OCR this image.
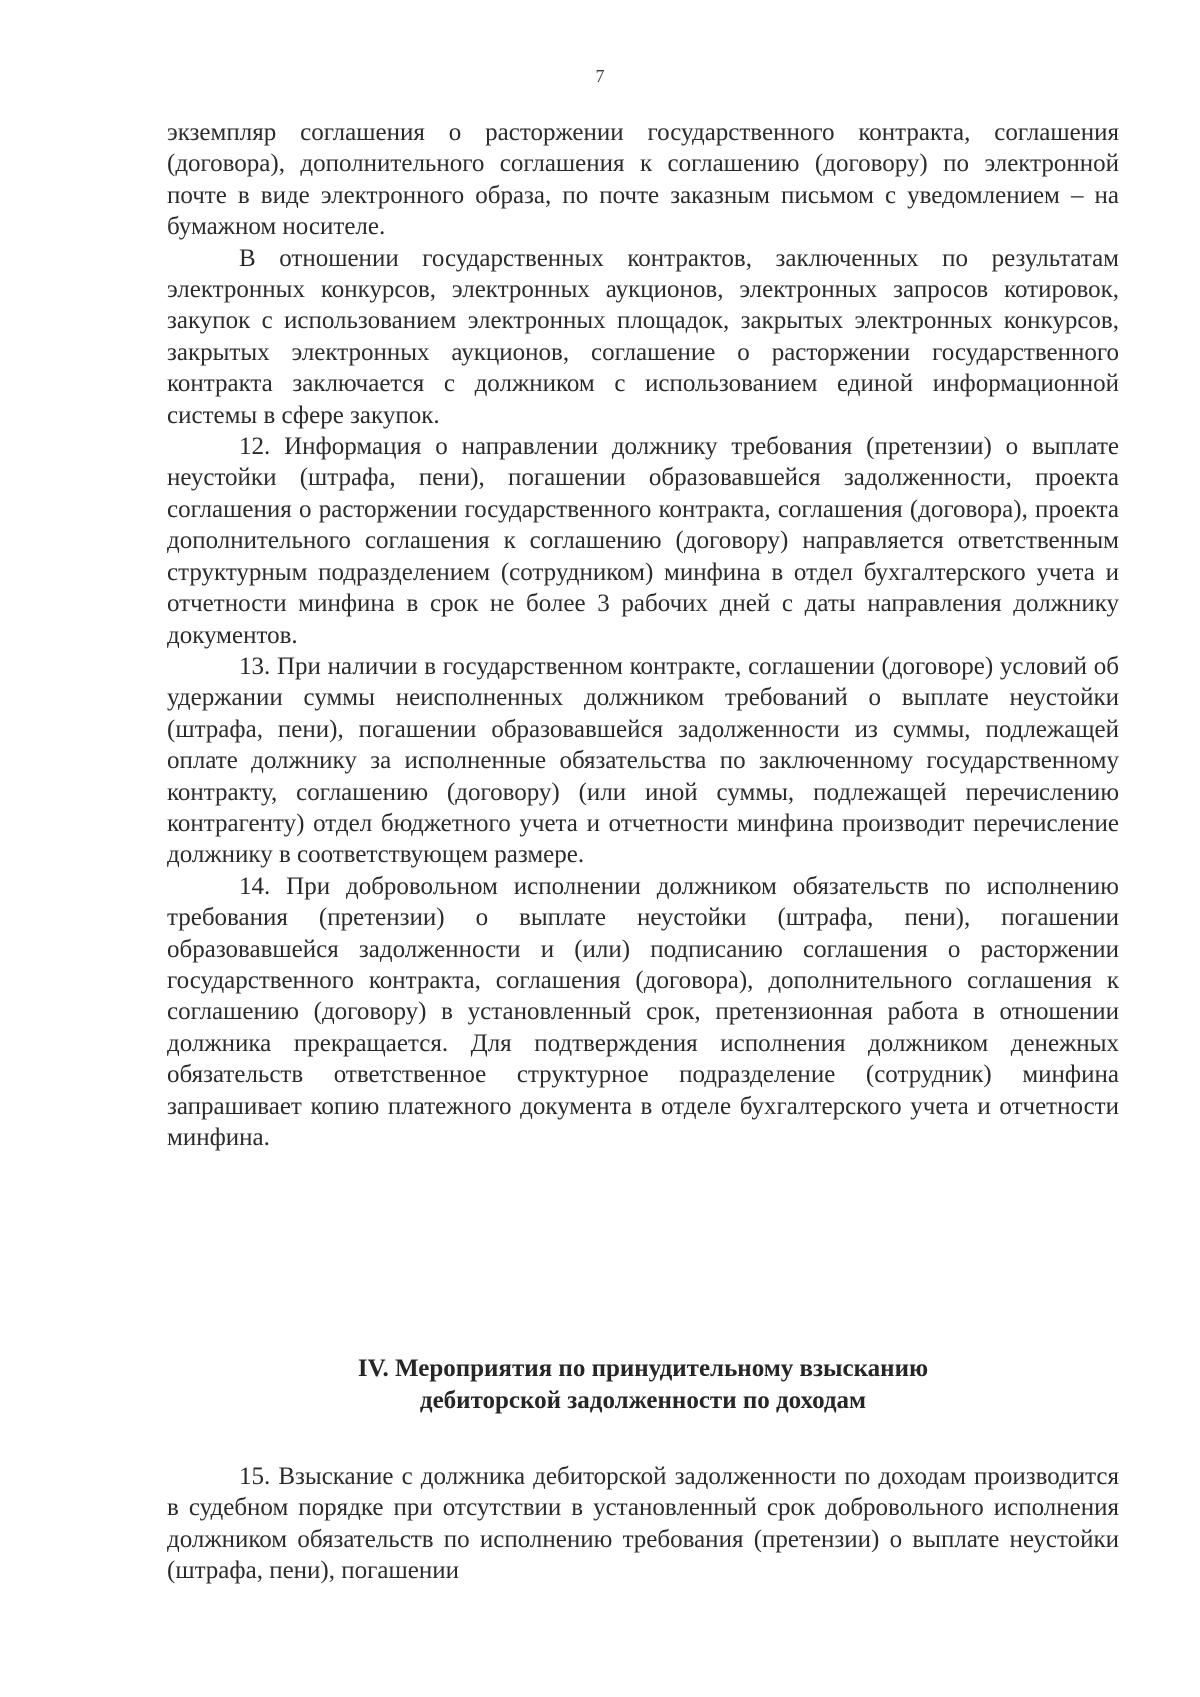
7

экземпляр соглашения о расторжении государственного контракта, соглашения (договора), дополнительного соглашения к соглашению (договору) по электронной почте в виде электронного образа, по почте заказным письмом с уведомлением – на бумажном носителе.

В отношении государственных контрактов, заключенных по результатам электронных конкурсов, электронных аукционов, электронных запросов котировок, закупок с использованием электронных площадок, закрытых электронных конкурсов, закрытых электронных аукционов, соглашение о расторжении государственного контракта заключается с должником с использованием единой информационной системы в сфере закупок.

12. Информация о направлении должнику требования (претензии) о выплате неустойки (штрафа, пени), погашении образовавшейся задолженности, проекта соглашения о расторжении государственного контракта, соглашения (договора), проекта дополнительного соглашения к соглашению (договору) направляется ответственным структурным подразделением (сотрудником) минфина в отдел бухгалтерского учета и отчетности минфина в срок не более 3 рабочих дней с даты направления должнику документов.

13. При наличии в государственном контракте, соглашении (договоре) условий об удержании суммы неисполненных должником требований о выплате неустойки (штрафа, пени), погашении образовавшейся задолженности из суммы, подлежащей оплате должнику за исполненные обязательства по заключенному государственному контракту, соглашению (договору) (или иной суммы, подлежащей перечислению контрагенту) отдел бюджетного учета и отчетности минфина производит перечисление должнику в соответствующем размере.

14. При добровольном исполнении должником обязательств по исполнению требования (претензии) о выплате неустойки (штрафа, пени), погашении образовавшейся задолженности и (или) подписанию соглашения о расторжении государственного контракта, соглашения (договора), дополнительного соглашения к соглашению (договору) в установленный срок, претензионная работа в отношении должника прекращается. Для подтверждения исполнения должником денежных обязательств ответственное структурное подразделение (сотрудник) минфина запрашивает копию платежного документа в отделе бухгалтерского учета и отчетности минфина.

IV. Мероприятия по принудительному взысканию
дебиторской задолженности по доходам

15. Взыскание с должника дебиторской задолженности по доходам производится в судебном порядке при отсутствии в установленный срок добровольного исполнения должником обязательств по исполнению требования (претензии) о выплате неустойки (штрафа, пени), погашении
